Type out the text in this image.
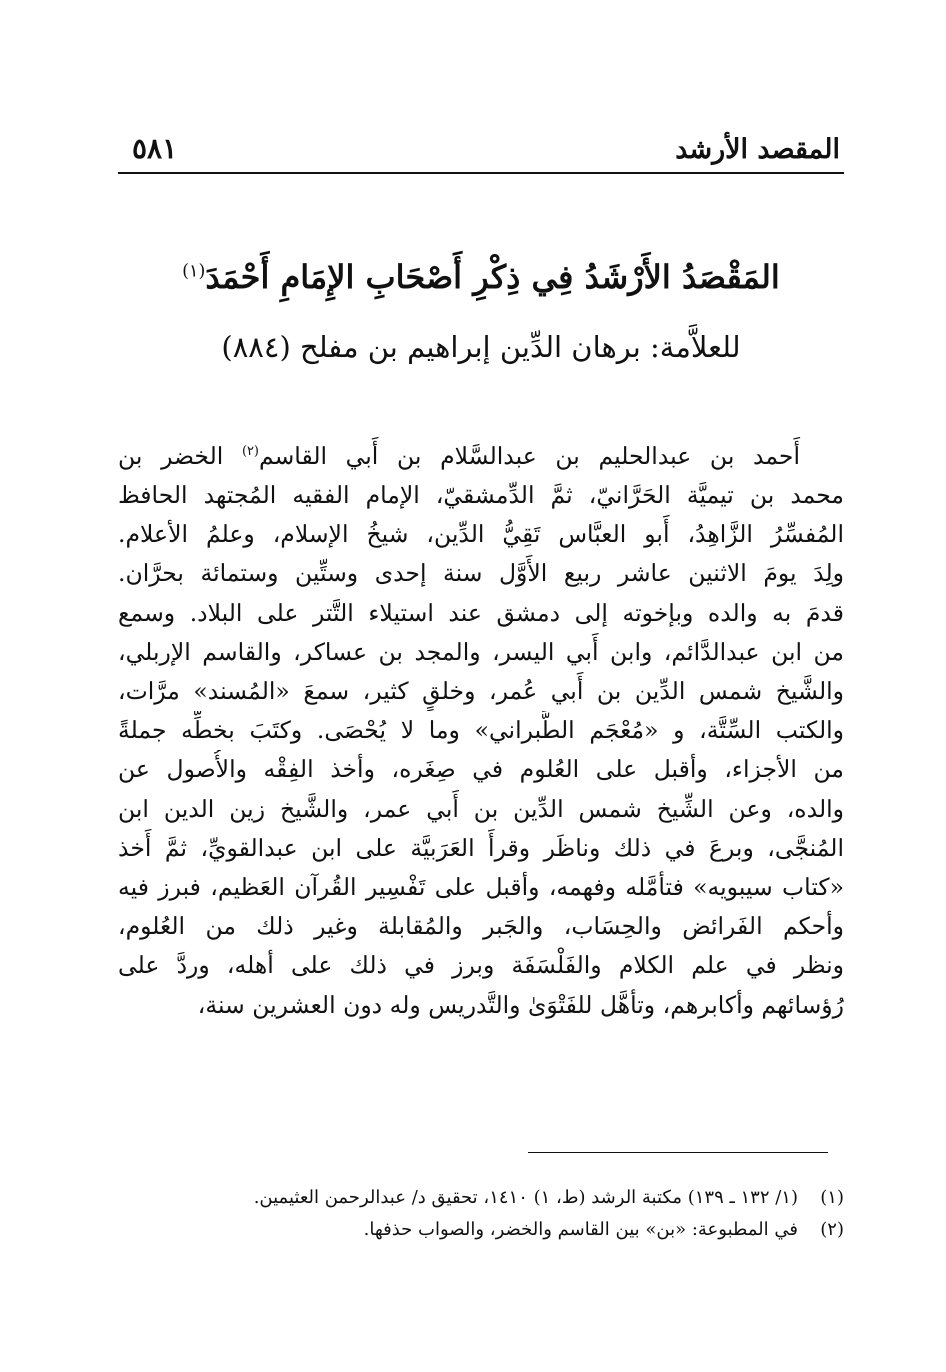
المقصد الأرشد
٥٨١
المَقْصَدُ الأَرْشَدُ فِي ذِكْرِ أَصْحَابِ الإِمَامِ أَحْمَدَ$^{(١)}$
للعلاَّمة: برهان الدِّين إبراهيم بن مفلح (٨٨٤)
أَحمد بن عبدالحليم بن عبدالسَّلام بن أَبي القاسم$^{(٢)}$ الخضر بن
محمد بن تيميَّة الحَرَّانيّ، ثمَّ الدِّمشقيّ، الإمام الفقيه المُجتهد الحافظ
المُفسِّرُ الزَّاهِدُ، أَبو العبَّاس تَقِيُّ الدِّين، شيخُ الإسلام، وعلمُ الأعلام.
ولِدَ يومَ الاثنين عاشر ربيع الأَوَّل سنة إحدى وستِّين وستمائة بحرَّان.
قدمَ به والده وبإخوته إلى دمشق عند استيلاء التَّتر على البلاد. وسمع
من ابن عبدالدَّائم، وابن أَبي اليسر، والمجد بن عساكر، والقاسم الإربلي،
والشَّيخ شمس الدِّين بن أَبي عُمر، وخلقٍ كثير، سمعَ «المُسند» مرَّات،
والكتب السِّتَّة، و «مُعْجَم الطَّبراني» وما لا يُحْصَى. وكتَبَ بخطِّه جملةً
من الأجزاء، وأقبل على العُلوم في صِغَره، وأخذ الفِقْه والأُصول عن
والده، وعن الشِّيخ شمس الدِّين بن أَبي عمر، والشَّيخ زين الدين ابن
المُنجَّى، وبرعَ في ذلك وناظَر وقرأَ العَرَبيَّة على ابن عبدالقويِّ، ثمَّ أَخذ
«كتاب سيبويه» فتأمَّله وفهمه، وأقبل على تَفْسِير القُرآن العَظيم، فبرز فيه
وأحكم الفَرائض والحِسَاب، والجَبر والمُقابلة وغير ذلك من العُلوم،
ونظر في علم الكلام والفَلْسَفَة وبرز في ذلك على أهله، وردَّ على
رُؤسائهم وأكابرهم، وتأهَّل للفَتْوَىٰ والتَّدريس وله دون العشرين سنة،
(١)(١/ ١٣٢ ـ ١٣٩) مكتبة الرشد (ط، ١) ١٤١٠، تحقيق د/ عبدالرحمن العثيمين.
(٢)في المطبوعة: «بن» بين القاسم والخضر، والصواب حذفها.
